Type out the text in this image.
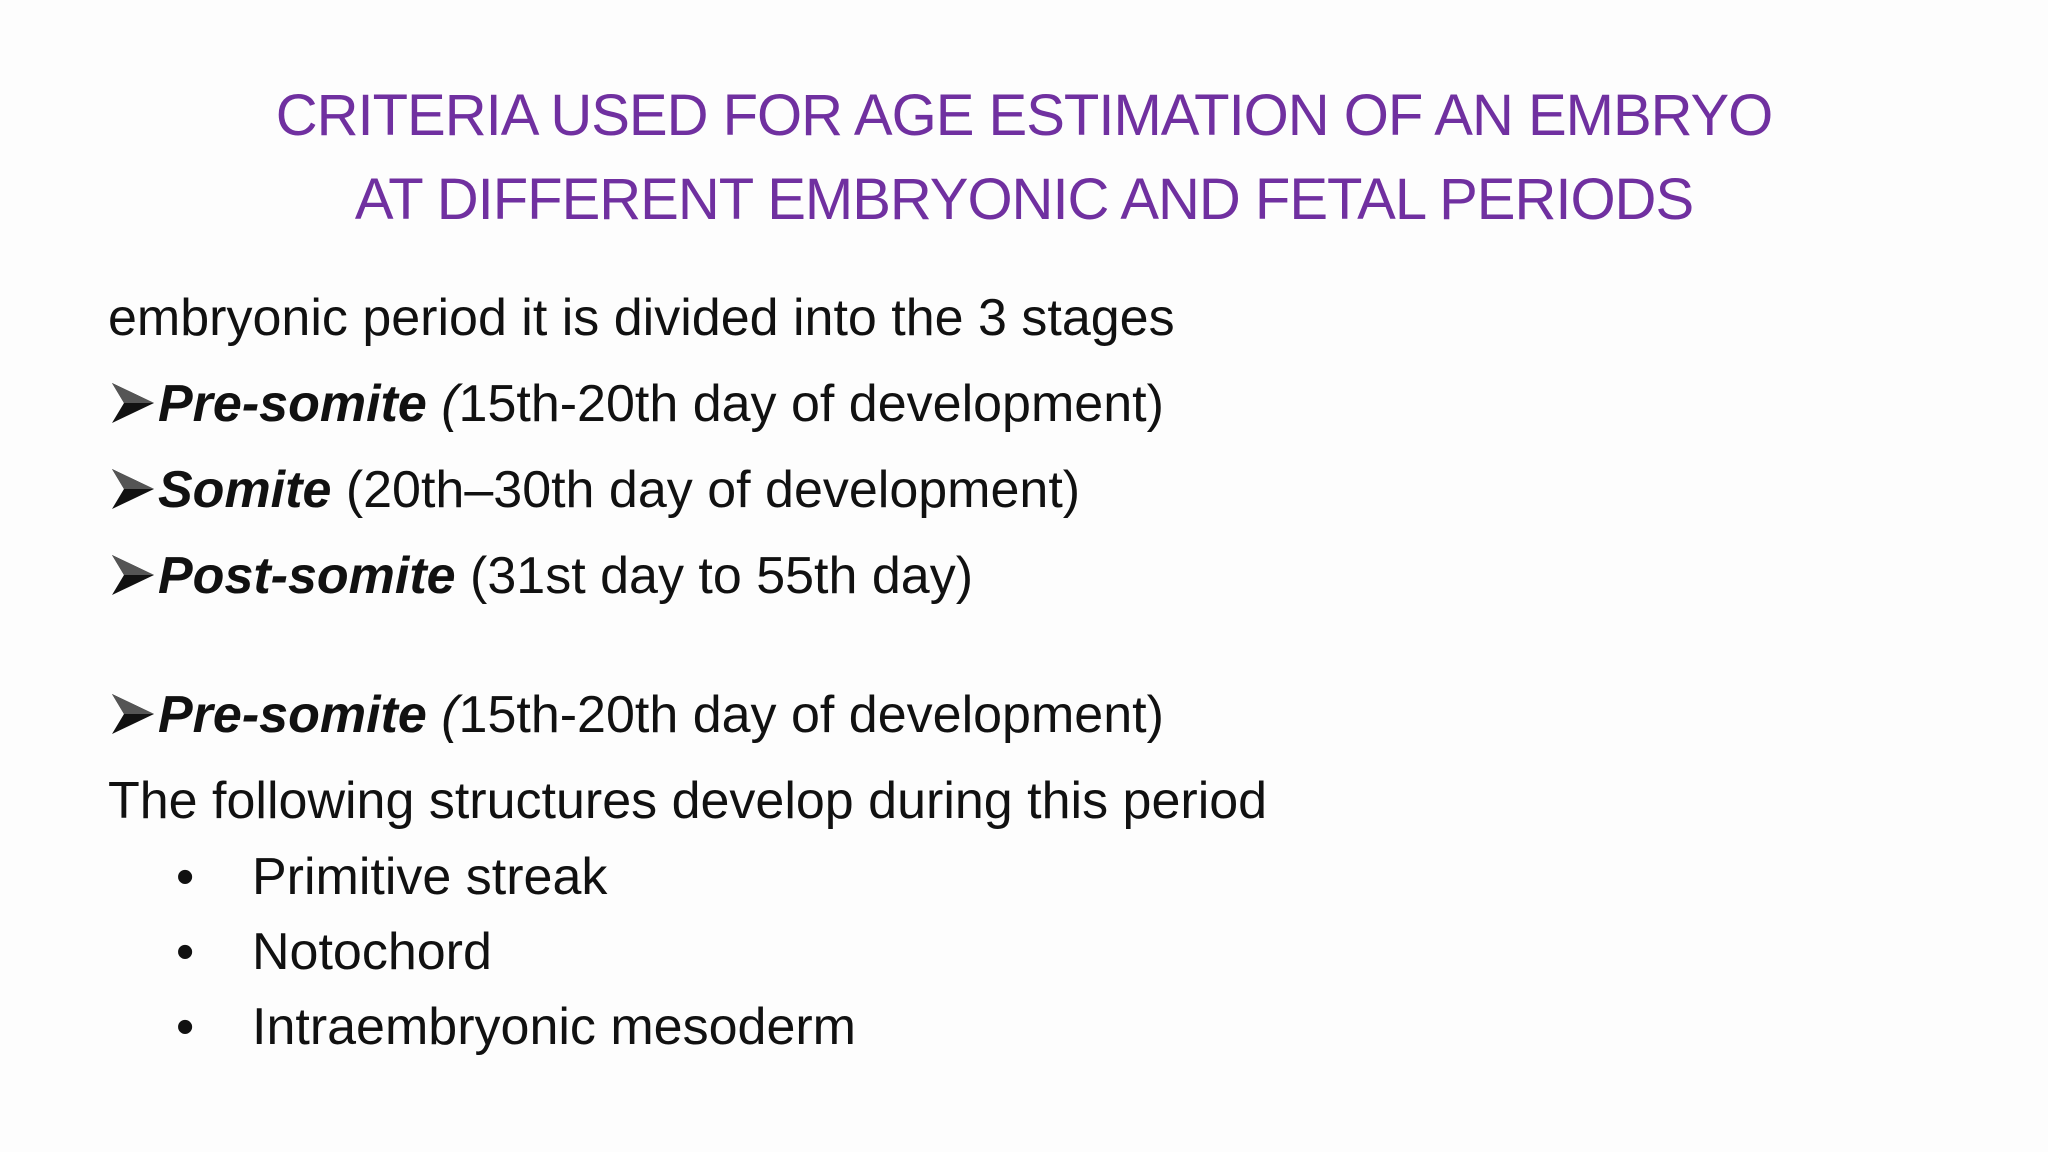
CRITERIA USED FOR AGE ESTIMATION OF AN EMBRYO
AT DIFFERENT EMBRYONIC AND FETAL PERIODS
embryonic period it is divided into the 3 stages
Pre-somite (15th-20th day of development)
Somite (20th–30th day of development)
Post-somite (31st day to 55th day)
Pre-somite (15th-20th day of development)
The following structures develop during this period
• Primitive streak
• Notochord
• Intraembryonic mesoderm
